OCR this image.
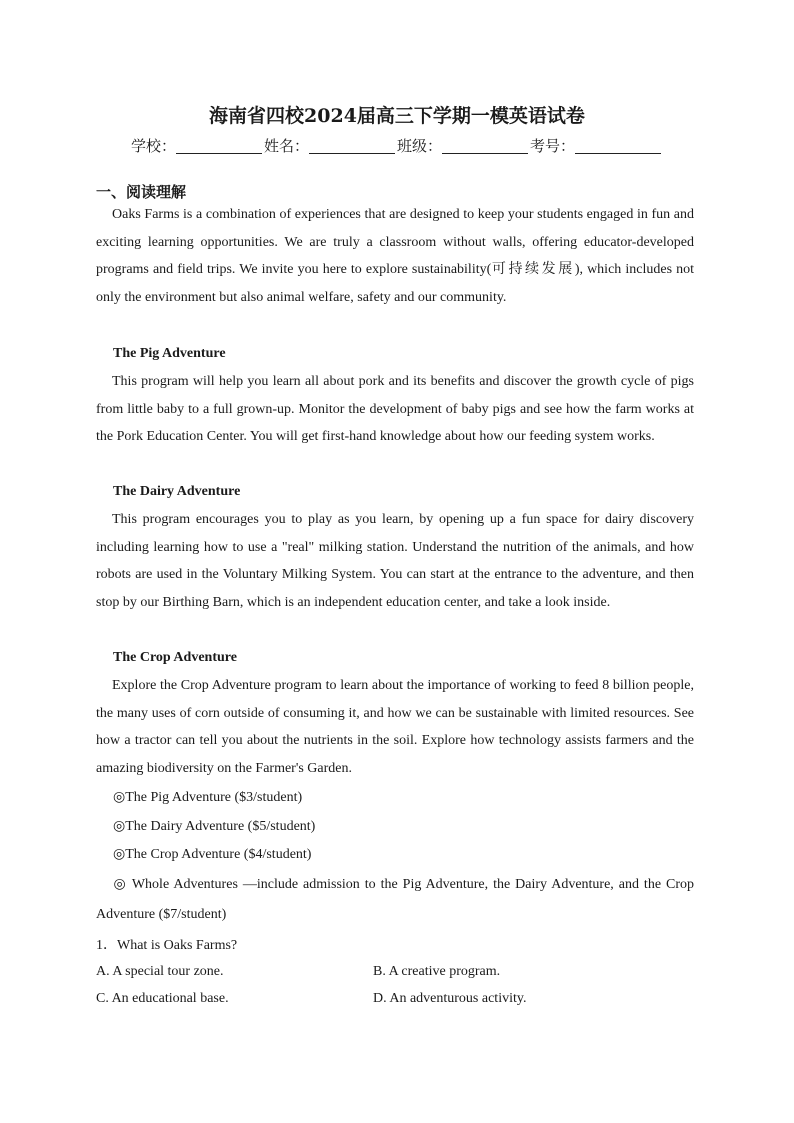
海南省四校2024届高三下学期一模英语试卷
学校：	姓名：	班级：	考号：
一、阅读理解
Oaks Farms is a combination of experiences that are designed to keep your students engaged in fun and exciting learning opportunities. We are truly a classroom without walls, offering educator-developed programs and field trips. We invite you here to explore sustainability(可持续发展), which includes not only the environment but also animal welfare, safety and our community.
The Pig Adventure
This program will help you learn all about pork and its benefits and discover the growth cycle of pigs from little baby to a full grown-up. Monitor the development of baby pigs and see how the farm works at the Pork Education Center. You will get first-hand knowledge about how our feeding system works.
The Dairy Adventure
This program encourages you to play as you learn, by opening up a fun space for dairy discovery including learning how to use a "real" milking station. Understand the nutrition of the animals, and how robots are used in the Voluntary Milking System. You can start at the entrance to the adventure, and then stop by our Birthing Barn, which is an independent education center, and take a look inside.
The Crop Adventure
Explore the Crop Adventure program to learn about the importance of working to feed 8 billion people, the many uses of corn outside of consuming it, and how we can be sustainable with limited resources. See how a tractor can tell you about the nutrients in the soil. Explore how technology assists farmers and the amazing biodiversity on the Farmer's Garden.
◎The Pig Adventure ($3/student)
◎The Dairy Adventure ($5/student)
◎The Crop Adventure ($4/student)
◎ Whole Adventures —include admission to the Pig Adventure, the Dairy Adventure, and the Crop Adventure ($7/student)
1．What is Oaks Farms?
A. A special tour zone.	B. A creative program.
C. An educational base.	D. An adventurous activity.
